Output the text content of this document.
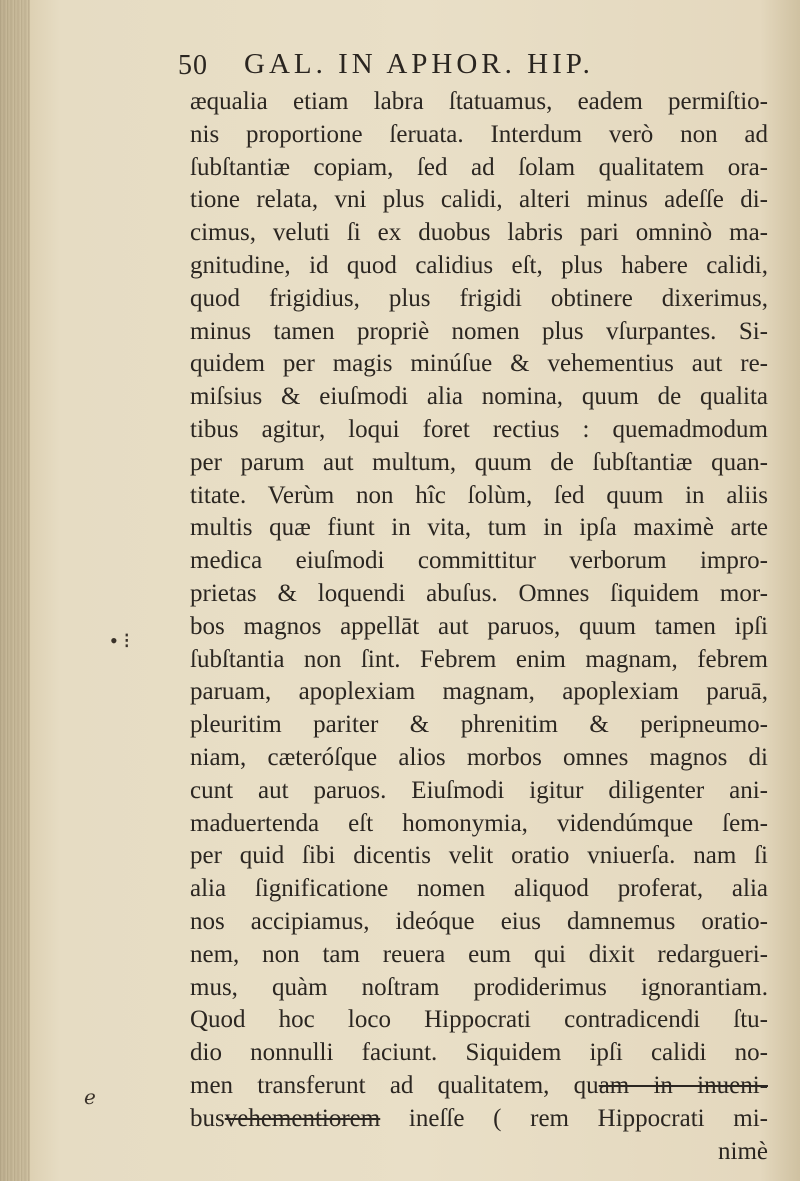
50 GAL. IN APHOR. HIP.
• ⁝
ℯ
æqualia etiam labra ſtatuamus, eadem permiſtio-
nis proportione ſeruata. Interdum verò non ad
ſubſtantiæ copiam, ſed ad ſolam qualitatem ora-
tione relata, vni plus calidi, alteri minus adeſſe di-
cimus, veluti ſi ex duobus labris pari omninò ma-
gnitudine, id quod calidius eſt, plus habere calidi,
quod frigidius, plus frigidi obtinere dixerimus,
minus tamen propriè nomen plus vſurpantes. Si-
quidem per magis minúſue & vehementius aut re-
miſsius & eiuſmodi alia nomina, quum de qualita
tibus agitur, loqui foret rectius : quemadmodum
per parum aut multum, quum de ſubſtantiæ quan-
titate. Verùm non hîc ſolùm, ſed quum in aliis
multis quæ fiunt in vita, tum in ipſa maximè arte
medica eiuſmodi committitur verborum impro-
prietas & loquendi abuſus. Omnes ſiquidem mor-
bos magnos appellāt aut paruos, quum tamen ipſi
ſubſtantia non ſint. Febrem enim magnam, febrem
paruam, apoplexiam magnam, apoplexiam paruā,
pleuritim pariter & phrenitim & peripneumo-
niam, cæteróſque alios morbos omnes magnos di
cunt aut paruos. Eiuſmodi igitur diligenter ani-
maduertenda eſt homonymia, videndúmque ſem-
per quid ſibi dicentis velit oratio vniuerſa. nam ſi
alia ſignificatione nomen aliquod proferat, alia
nos accipiamus, ideóque eius damnemus oratio-
nem, non tam reuera eum qui dixit redargueri-
mus, quàm noſtram prodiderimus ignorantiam.
Quod hoc loco Hippocrati contradicendi ſtu-
dio nonnulli faciunt. Siquidem ipſi calidi no-
men transferunt ad qualitatem, quam in inueni-
busvehementiorem ineſſe ( rem Hippocrati mi-
nimè
